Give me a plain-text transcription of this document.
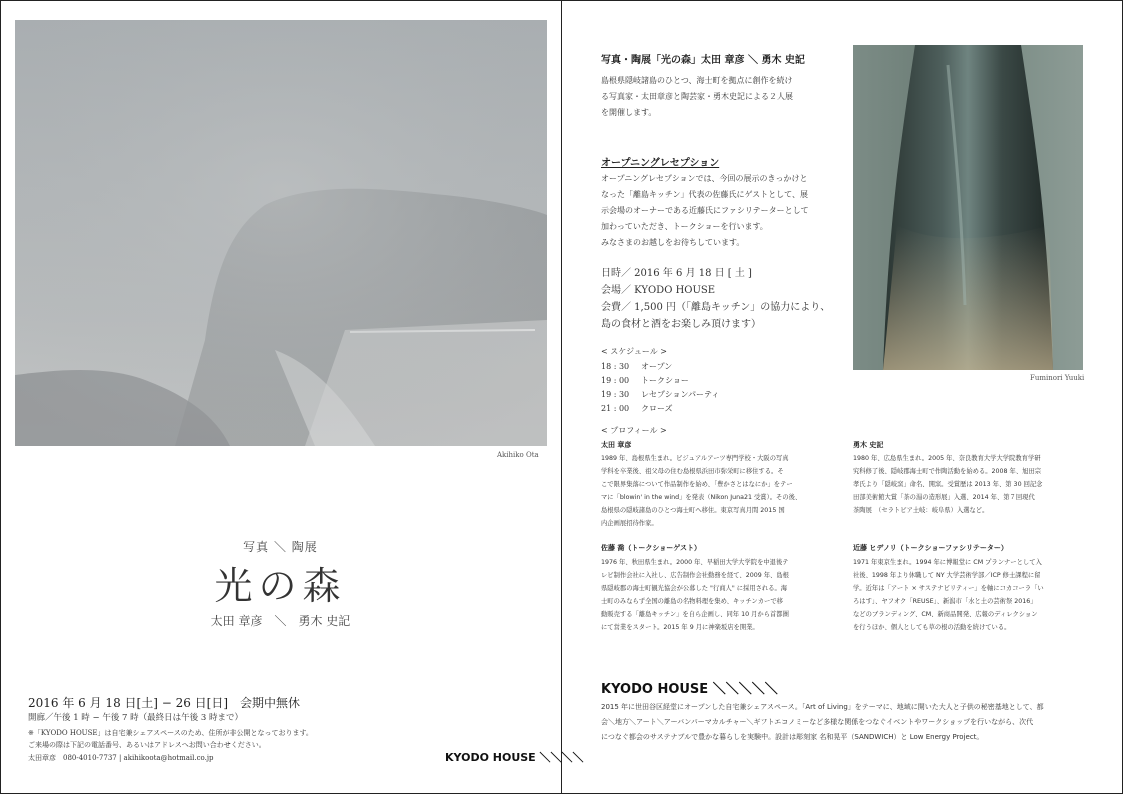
Akihiko Ota
写真 ＼ 陶展
光の森
太田 章彦　＼　勇木 史記
2016 年 6 月 18 日[土] − 26 日[日]　会期中無休
開廊／午後 1 時 − 午後 7 時（最終日は午後 3 時まで）
※「KYODO HOUSE」は自宅兼シェアスペースのため、住所が非公開となっております。
ご来場の際は下記の電話番号、あるいはアドレスへお問い合わせください。
太田章彦　080-4010-7737 | akihikoota@hotmail.co.jp	KYODO HOUSE ＼＼＼＼
写真・陶展「光の森」太田 章彦 ＼ 勇木 史記
島根県隠岐諸島のひとつ、海士町を拠点に創作を続け
る写真家・太田章彦と陶芸家・勇木史記による２人展
を開催します。
オープニングレセプション
オープニングレセプションでは、今回の展示のきっかけと
なった「離島キッチン」代表の佐藤氏にゲストとして、展
示会場のオーナーである近藤氏にファシリテーターとして
加わっていただき、トークショーを行います。
みなさまのお越しをお待ちしています。
日時／ 2016 年 6 月 18 日 [ 土 ]
会場／ KYODO HOUSE
会費／ 1,500 円（「離島キッチン」の協力により、
島の食材と酒をお楽しみ頂けます）
< スケジュール >
18 : 30 オープン
19 : 00 トークショー
19 : 30 レセプションパーティ
21 : 00 クローズ
< プロフィール >
太田 章彦
1989 年、島根県生まれ。ビジュアルアーツ専門学校・大阪の写真
学科を卒業後、祖父母の住む島根県浜田市弥栄町に移住する。そ
こで限界集落について作品制作を始め、「豊かさとはなにか」をテー
マに「blowin' in the wind」を発表（Nikon Juna21 受賞）。その後、
島根県の隠岐諸島のひとつ海士町へ移住。東京写真月間 2015 国
内企画展招待作家。
勇木 史記
1980 年、広島県生まれ。2005 年、奈良教育大学大学院教育学研
究科修了後、隠岐郡海士町で作陶活動を始める。2008 年、旭田宗
孝氏より「隠岐窯」命名、開窯。受賞歴は 2013 年、第 30 回記念
田部美術館大賞「茶の湯の造形展」入選、2014 年、第７回現代
茶陶展　（セラトピア土岐：岐阜県）入選など。
佐藤 喬（トークショーゲスト）
1976 年、秋田県生まれ。2000 年、早稲田大学大学院を中退後テ
レビ制作会社に入社し、広告制作会社勤務を経て、2009 年、島根
県隠岐郡の海士町観光協会が公募した "行商人" に採用される。海
士町のみならず全国の離島の名物料理を集め、キッチンカーで移
動販売する「離島キッチン」を自ら企画し、同年 10 月から首都圏
にて営業をスタート。2015 年 9 月に神楽坂店を開業。
近藤 ヒデノリ（トークショーファシリテーター）
1971 年東京生まれ。1994 年に博報堂に CM プランナーとして入
社後、1998 年より休職して NY 大学芸術学部／ICP 修士課程に留
学。近年は「アート × サステナビリティー」を軸にコカコーラ「い
ろはす」、ヤフオク「REUSE」、新潟市「水と土の芸術祭 2016」
などのブランディング、CM、新商品開発、広報のディレクション
を行うほか、個人としても草の根の活動を続けている。
Fuminori Yuuki
KYODO HOUSE ＼＼＼＼＼
2015 年に世田谷区経堂にオープンした自宅兼シェアスペース。「Art of Living」をテーマに、地域に開いた大人と子供の秘密基地として、都
会＼地方＼アート＼アーバンパーマカルチャー＼ギフトエコノミーなど多様な関係をつなぐイベントやワークショップを行いながら、次代
につなぐ都会のサステナブルで豊かな暮らしを実験中。設計は彫刻家 名和晃平（SANDWICH）と Low Energy Project。
